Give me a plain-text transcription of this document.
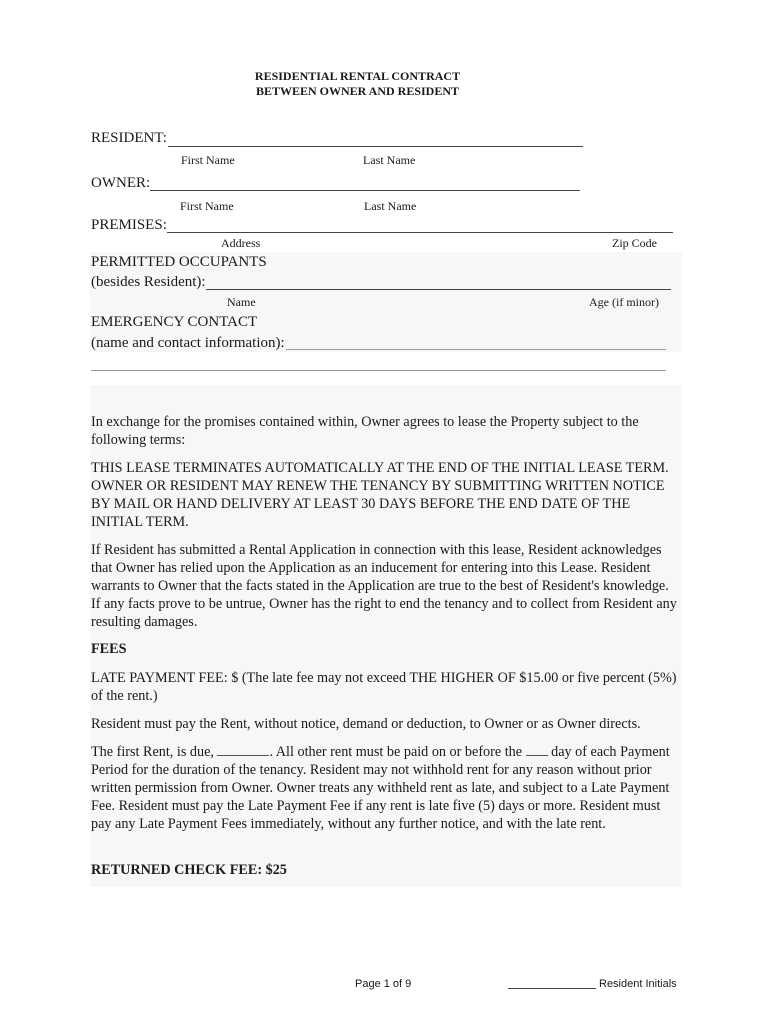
RESIDENTIAL RENTAL CONTRACT
BETWEEN OWNER AND RESIDENT
RESIDENT:
First Name	Last Name
OWNER:
First Name	Last Name
PREMISES:
Address	Zip Code
PERMITTED OCCUPANTS
(besides Resident):
Name	Age (if minor)
EMERGENCY CONTACT
(name and contact information):
In exchange for the promises contained within, Owner agrees to lease the Property subject to the following terms:
THIS LEASE TERMINATES AUTOMATICALLY AT THE END OF THE INITIAL LEASE TERM. OWNER OR RESIDENT MAY RENEW THE TENANCY BY SUBMITTING WRITTEN NOTICE BY MAIL OR HAND DELIVERY AT LEAST 30 DAYS BEFORE THE END DATE OF THE INITIAL TERM.
If Resident has submitted a Rental Application in connection with this lease, Resident acknowledges that Owner has relied upon the Application as an inducement for entering into this Lease. Resident warrants to Owner that the facts stated in the Application are true to the best of Resident's knowledge. If any facts prove to be untrue, Owner has the right to end the tenancy and to collect from Resident any resulting damages.
FEES
LATE PAYMENT FEE: $ (The late fee may not exceed THE HIGHER OF $15.00 or five percent (5%) of the rent.)
Resident must pay the Rent, without notice, demand or deduction, to Owner or as Owner directs.
The first Rent, is due,	. All other rent must be paid on or before the  day of each Payment Period for the duration of the tenancy. Resident may not withhold rent for any reason without prior written permission from Owner. Owner treats any withheld rent as late, and subject to a Late Payment Fee. Resident must pay the Late Payment Fee if any rent is late five (5) days or more. Resident must pay any Late Payment Fees immediately, without any further notice, and with the late rent.
RETURNED CHECK FEE: $25
Page 1 of 9	Resident Initials
